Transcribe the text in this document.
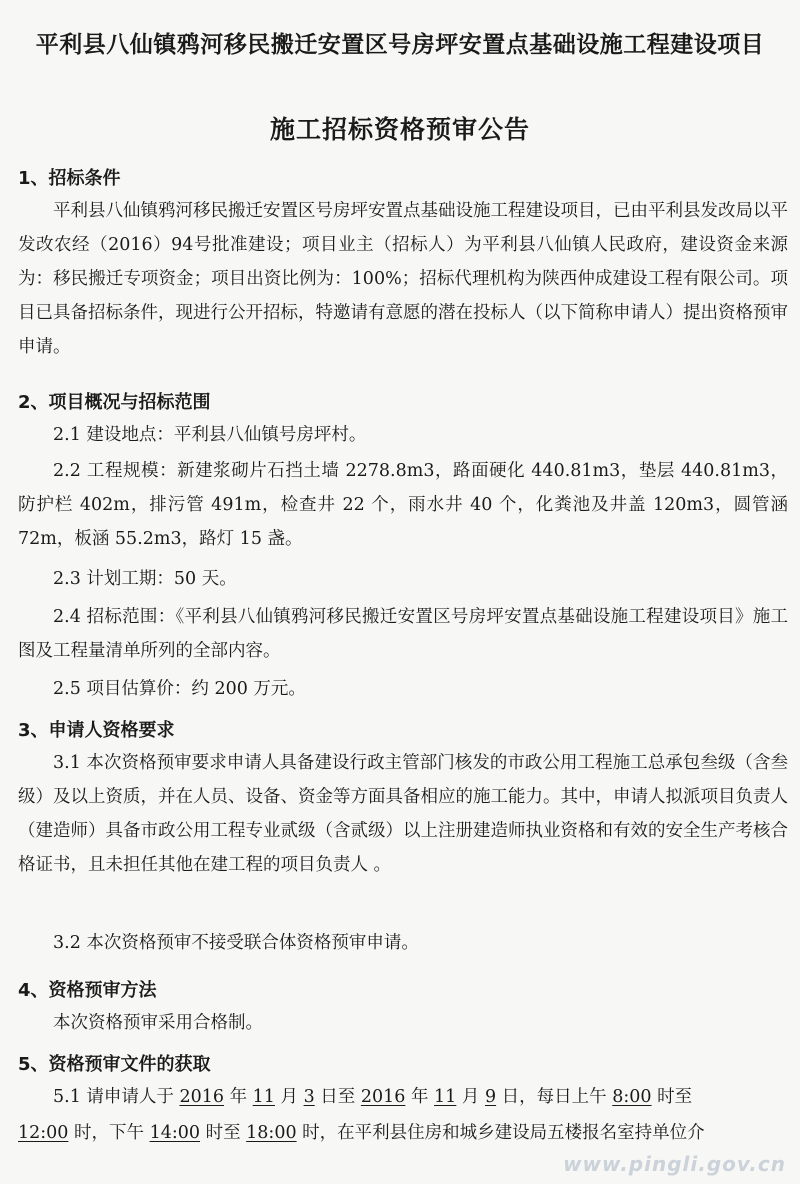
平利县八仙镇鸦河移民搬迁安置区号房坪安置点基础设施工程建设项目
施工招标资格预审公告
1、招标条件
平利县八仙镇鸦河移民搬迁安置区号房坪安置点基础设施工程建设项目，已由平利县发改局以平发改农经（2016）94号批准建设；项目业主（招标人）为平利县八仙镇人民政府，建设资金来源为：移民搬迁专项资金；项目出资比例为：100%；招标代理机构为陕西仲成建设工程有限公司。项目已具备招标条件，现进行公开招标，特邀请有意愿的潜在投标人（以下简称申请人）提出资格预审申请。
2、项目概况与招标范围
2.1 建设地点：平利县八仙镇号房坪村。
2.2 工程规模：新建浆砌片石挡土墙 2278.8m3，路面硬化 440.81m3，垫层 440.81m3，防护栏 402m，排污管 491m，检查井 22 个，雨水井 40 个，化粪池及井盖 120m3，圆管涵 72m，板涵 55.2m3，路灯 15 盏。
2.3 计划工期：50 天。
2.4 招标范围：《平利县八仙镇鸦河移民搬迁安置区号房坪安置点基础设施工程建设项目》施工图及工程量清单所列的全部内容。
2.5 项目估算价：约 200 万元。
3、申请人资格要求
3.1 本次资格预审要求申请人具备建设行政主管部门核发的市政公用工程施工总承包叁级（含叁级）及以上资质，并在人员、设备、资金等方面具备相应的施工能力。其中，申请人拟派项目负责人（建造师）具备市政公用工程专业贰级（含贰级）以上注册建造师执业资格和有效的安全生产考核合格证书，且未担任其他在建工程的项目负责人 。
3.2 本次资格预审不接受联合体资格预审申请。
4、资格预审方法
本次资格预审采用合格制。
5、资格预审文件的获取
5.1 请申请人于 2016 年 11 月 3 日至 2016 年 11 月 9 日，每日上午 8:00 时至
12:00 时，下午 14:00 时至 18:00 时，在平利县住房和城乡建设局五楼报名室持单位介
www.pingli.gov.cn
